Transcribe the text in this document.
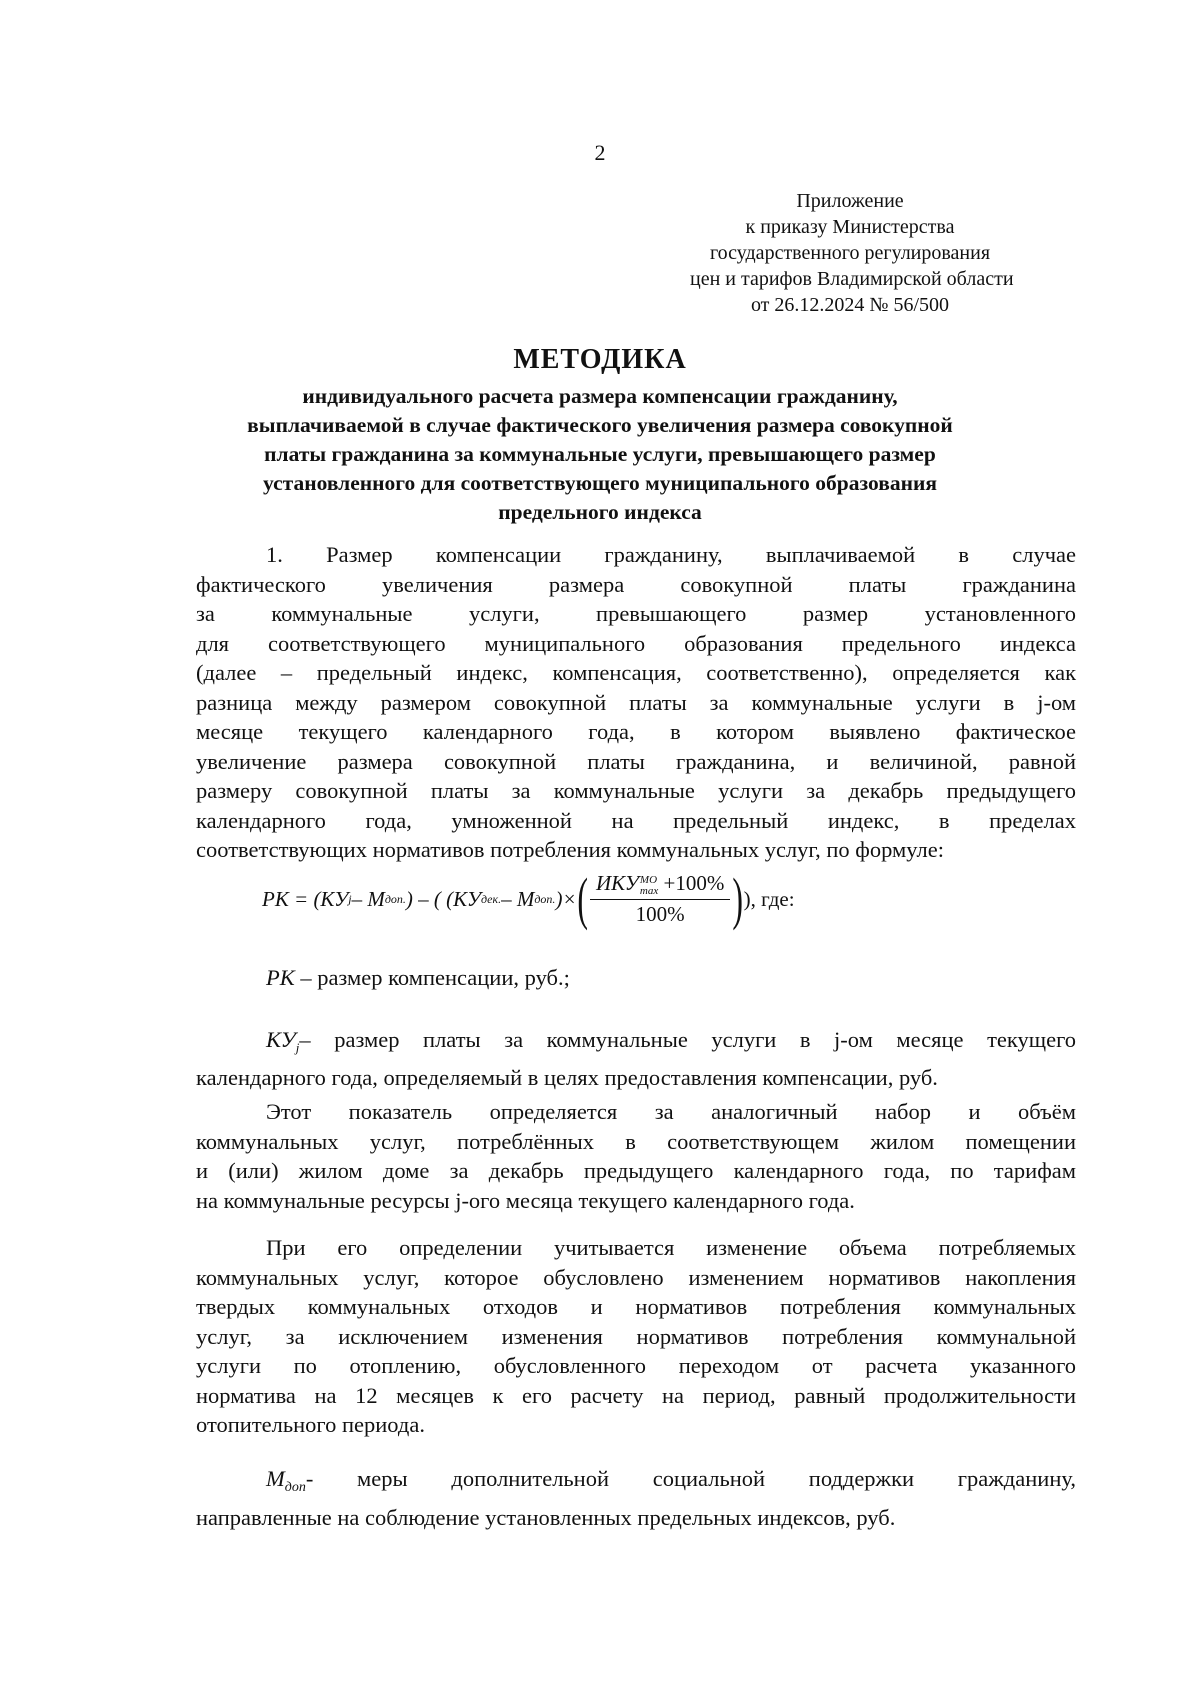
2
Приложение
к приказу Министерства
государственного регулирования
цен и тарифов Владимирской области
от 26.12.2024 № 56/500
МЕТОДИКА
индивидуального расчета размера компенсации гражданину,
выплачиваемой в случае фактического увеличения размера совокупной
платы гражданина за коммунальные услуги, превышающего размер
установленного для соответствующего муниципального образования
предельного индекса
1. Размер компенсации гражданину, выплачиваемой в случае
фактического увеличения размера совокупной платы гражданина
за коммунальные услуги, превышающего размер установленного
для соответствующего муниципального образования предельного индекса
(далее – предельный индекс, компенсация, соответственно), определяется как
разница между размером совокупной платы за коммунальные услуги в j-ом
месяце текущего календарного года, в котором выявлено фактическое
увеличение размера совокупной платы гражданина, и величиной, равной
размеру совокупной платы за коммунальные услуги за декабрь предыдущего
календарного года, умноженной на предельный индекс, в пределах
соответствующих нормативов потребления коммунальных услуг, по формуле:
РК = (КУ j – М доп. ) – ( (КУ дек. – М доп. )× ( ИКУ МО
max +100%
100% ) ), где:
РК – размер компенсации, руб.;
$КУ_j-$ размер платы за коммунальные услуги в j-ом месяце текущего
календарного года, определяемый в целях предоставления компенсации, руб.
Этот показатель определяется за аналогичный набор и объём
коммунальных услуг, потреблённых в соответствующем жилом помещении
и (или) жилом доме за декабрь предыдущего календарного года, по тарифам
на коммунальные ресурсы j-ого месяца текущего календарного года.
При его определении учитывается изменение объема потребляемых
коммунальных услуг, которое обусловлено изменением нормативов накопления
твердых коммунальных отходов и нормативов потребления коммунальных
услуг, за исключением изменения нормативов потребления коммунальной
услуги по отоплению, обусловленного переходом от расчета указанного
норматива на 12 месяцев к его расчету на период, равный продолжительности
отопительного периода.
$М_{доп}-$ меры дополнительной социальной поддержки гражданину,
направленные на соблюдение установленных предельных индексов, руб.
